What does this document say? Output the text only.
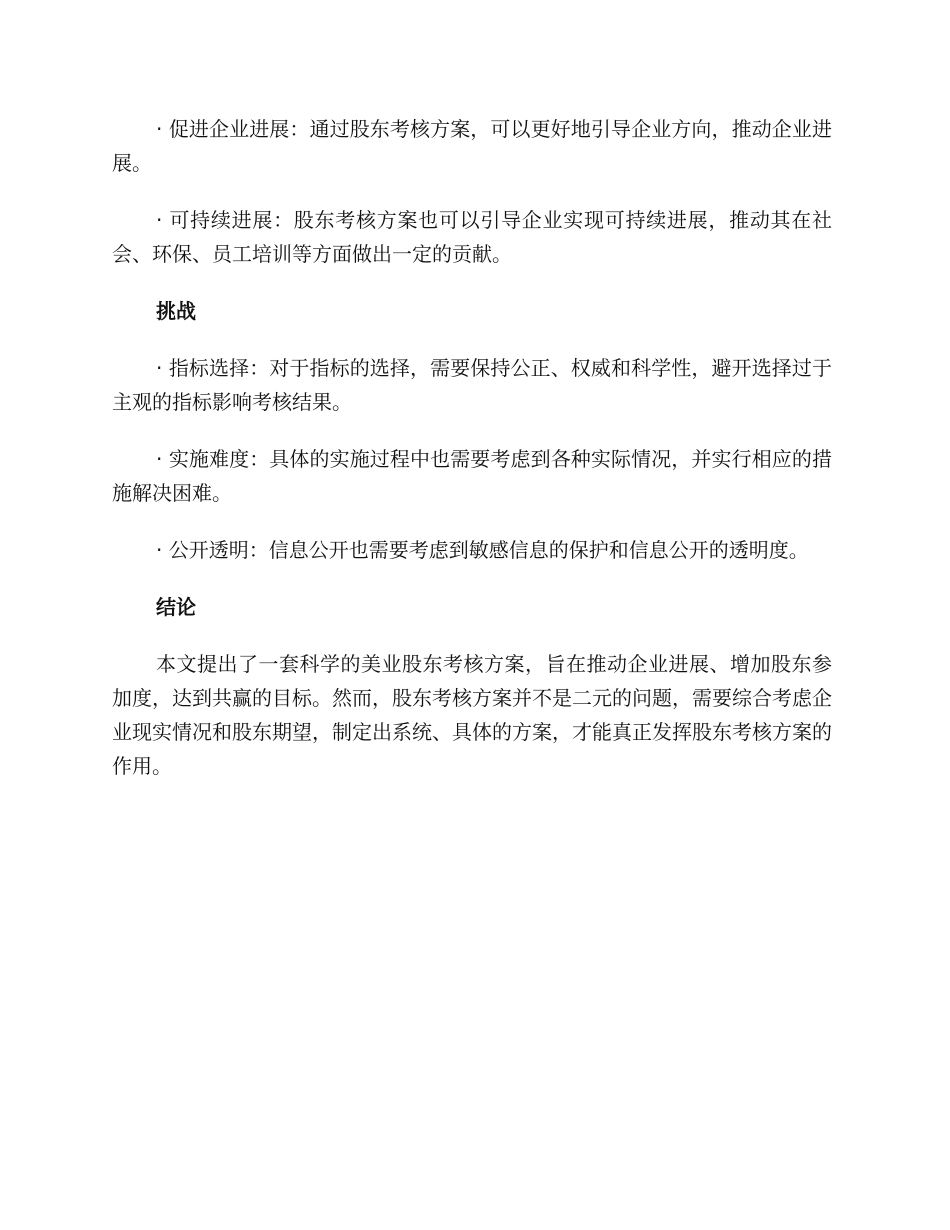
· 促进企业进展：通过股东考核方案，可以更好地引导企业方向，推动企业进展。

· 可持续进展：股东考核方案也可以引导企业实现可持续进展，推动其在社会、环保、员工培训等方面做出一定的贡献。

挑战

· 指标选择：对于指标的选择，需要保持公正、权威和科学性，避开选择过于主观的指标影响考核结果。

· 实施难度：具体的实施过程中也需要考虑到各种实际情况，并实行相应的措施解决困难。

· 公开透明：信息公开也需要考虑到敏感信息的保护和信息公开的透明度。

结论

本文提出了一套科学的美业股东考核方案，旨在推动企业进展、增加股东参加度，达到共赢的目标。然而，股东考核方案并不是二元的问题，需要综合考虑企业现实情况和股东期望，制定出系统、具体的方案，才能真正发挥股东考核方案的作用。
